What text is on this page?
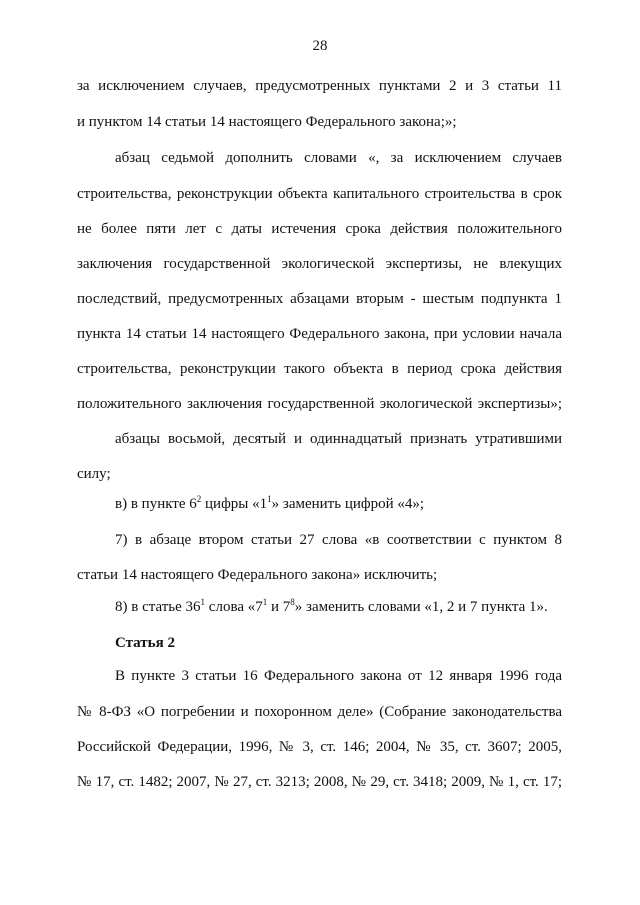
28
за исключением случаев, предусмотренных пунктами 2 и 3 статьи 11
и пунктом 14 статьи 14 настоящего Федерального закона;»;
абзац седьмой дополнить словами «, за исключением случаев
строительства, реконструкции объекта капитального строительства в срок
не более пяти лет с даты истечения срока действия положительного
заключения государственной экологической экспертизы, не влекущих
последствий, предусмотренных абзацами вторым - шестым подпункта 1
пункта 14 статьи 14 настоящего Федерального закона, при условии начала
строительства, реконструкции такого объекта в период срока действия
положительного заключения государственной экологической экспертизы»;
абзацы восьмой, десятый и одиннадцатый признать утратившими
силу;
в) в пункте $6^2$ цифры «$1^1$» заменить цифрой «4»;
7) в абзаце втором статьи 27 слова «в соответствии с пунктом 8
статьи 14 настоящего Федерального закона» исключить;
8) в статье $36^1$ слова «$7^1$ и $7^8$» заменить словами «1, 2 и 7 пункта 1».
Статья 2
В пункте 3 статьи 16 Федерального закона от 12 января 1996 года
№ 8-ФЗ «О погребении и похоронном деле» (Собрание законодательства
Российской Федерации, 1996, № 3, ст. 146; 2004, № 35, ст. 3607; 2005,
№ 17, ст. 1482; 2007, № 27, ст. 3213; 2008, № 29, ст. 3418; 2009, № 1, ст. 17;
